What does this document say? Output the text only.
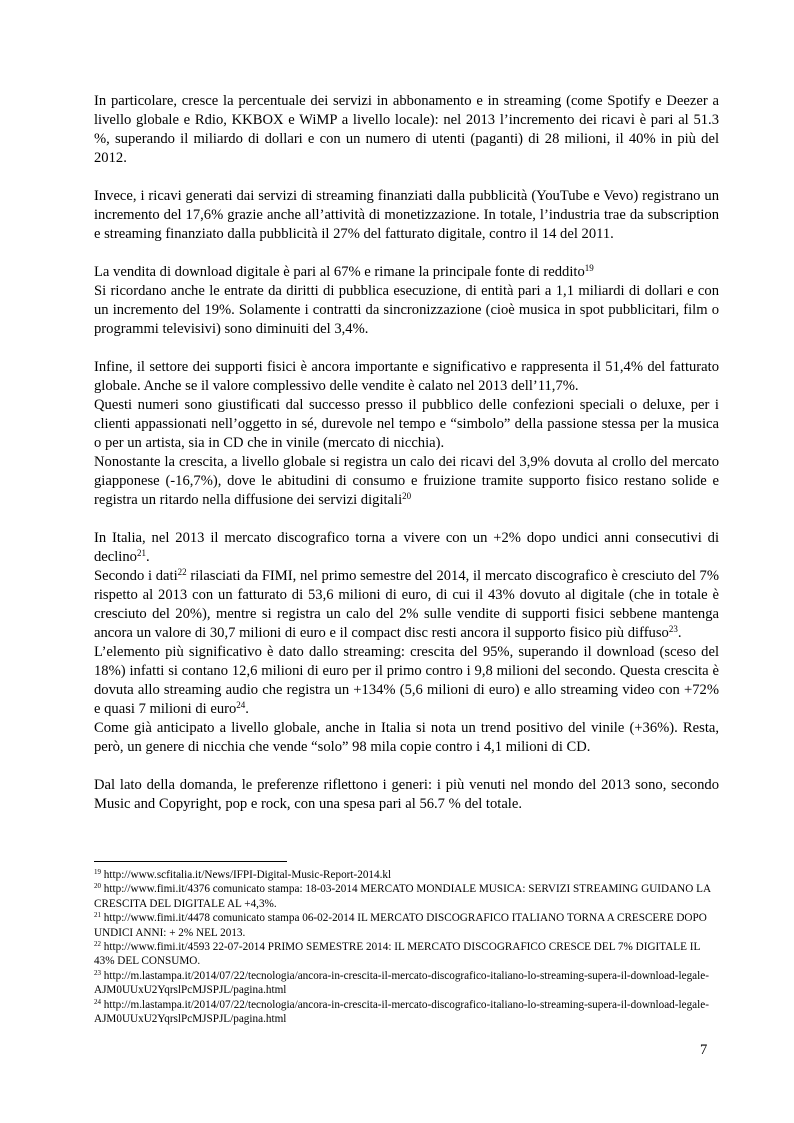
In particolare, cresce la percentuale dei servizi in abbonamento e in streaming (come Spotify e Deezer a livello globale e Rdio, KKBOX e WiMP a livello locale): nel 2013 l’incremento dei ricavi è pari al 51.3 %, superando il miliardo di dollari e con un numero di utenti (paganti) di 28 milioni, il 40% in più del 2012.

Invece, i ricavi generati dai servizi di streaming finanziati dalla pubblicità (YouTube e Vevo) registrano un incremento del 17,6% grazie anche all’attività di monetizzazione. In totale, l’industria trae da subscription e streaming finanziato dalla pubblicità il 27% del fatturato digitale, contro il 14 del 2011.

La vendita di download digitale è pari al 67% e rimane la principale fonte di reddito$^{19}$

Si ricordano anche le entrate da diritti di pubblica esecuzione, di entità pari a 1,1 miliardi di dollari e con un incremento del 19%. Solamente i contratti da sincronizzazione (cioè musica in spot pubblicitari, film o programmi televisivi) sono diminuiti del 3,4%.

Infine, il settore dei supporti fisici è ancora importante e significativo e rappresenta il 51,4% del fatturato globale. Anche se il valore complessivo delle vendite è calato nel 2013 dell’11,7%.

Questi numeri sono giustificati dal successo presso il pubblico delle confezioni speciali o deluxe, per i clienti appassionati nell’oggetto in sé, durevole nel tempo e “simbolo” della passione stessa per la musica o per un artista, sia in CD che in vinile (mercato di nicchia).

Nonostante la crescita, a livello globale si registra un calo dei ricavi del 3,9% dovuta al crollo del mercato giapponese (-16,7%), dove le abitudini di consumo e fruizione tramite supporto fisico restano solide e registra un ritardo nella diffusione dei servizi digitali$^{20}$

In Italia, nel 2013 il mercato discografico torna a vivere con un +2% dopo undici anni consecutivi di declino$^{21}$.

Secondo i dati$^{22}$ rilasciati da FIMI, nel primo semestre del 2014, il mercato discografico è cresciuto del 7% rispetto al 2013 con un fatturato di 53,6 milioni di euro, di cui il 43% dovuto al digitale (che in totale è cresciuto del 20%), mentre si registra un calo del 2% sulle vendite di supporti fisici sebbene mantenga ancora un valore di 30,7 milioni di euro e il compact disc resti ancora il supporto fisico più diffuso$^{23}$.

L’elemento più significativo è dato dallo streaming: crescita del 95%, superando il download (sceso del 18%) infatti si contano 12,6 milioni di euro per il primo contro i 9,8 milioni del secondo. Questa crescita è dovuta allo streaming audio che registra un +134% (5,6 milioni di euro) e allo streaming video con +72% e quasi 7 milioni di euro$^{24}$.

Come già anticipato a livello globale, anche in Italia si nota un trend positivo del vinile (+36%). Resta, però, un genere di nicchia che vende “solo” 98 mila copie contro i 4,1 milioni di CD.

Dal lato della domanda, le preferenze riflettono i generi: i più venuti nel mondo del 2013 sono, secondo Music and Copyright, pop e rock, con una spesa pari al 56.7 % del totale.

$^{19}$ http://www.scfitalia.it/News/IFPI-Digital-Music-Report-2014.kl

$^{20}$ http://www.fimi.it/4376 comunicato stampa: 18-03-2014 MERCATO MONDIALE MUSICA: SERVIZI STREAMING GUIDANO LA CRESCITA DEL DIGITALE AL +4,3%.

$^{21}$ http://www.fimi.it/4478 comunicato stampa 06-02-2014 IL MERCATO DISCOGRAFICO ITALIANO TORNA A CRESCERE DOPO UNDICI ANNI: + 2% NEL 2013.

$^{22}$ http://www.fimi.it/4593 22-07-2014 PRIMO SEMESTRE 2014: IL MERCATO DISCOGRAFICO CRESCE DEL 7% DIGITALE IL 43% DEL CONSUMO.

$^{23}$ http://m.lastampa.it/2014/07/22/tecnologia/ancora-in-crescita-il-mercato-discografico-italiano-lo-streaming-supera-il-download-legale-AJM0UUxU2YqrslPcMJSPJL/pagina.html

$^{24}$ http://m.lastampa.it/2014/07/22/tecnologia/ancora-in-crescita-il-mercato-discografico-italiano-lo-streaming-supera-il-download-legale-AJM0UUxU2YqrslPcMJSPJL/pagina.html

7
